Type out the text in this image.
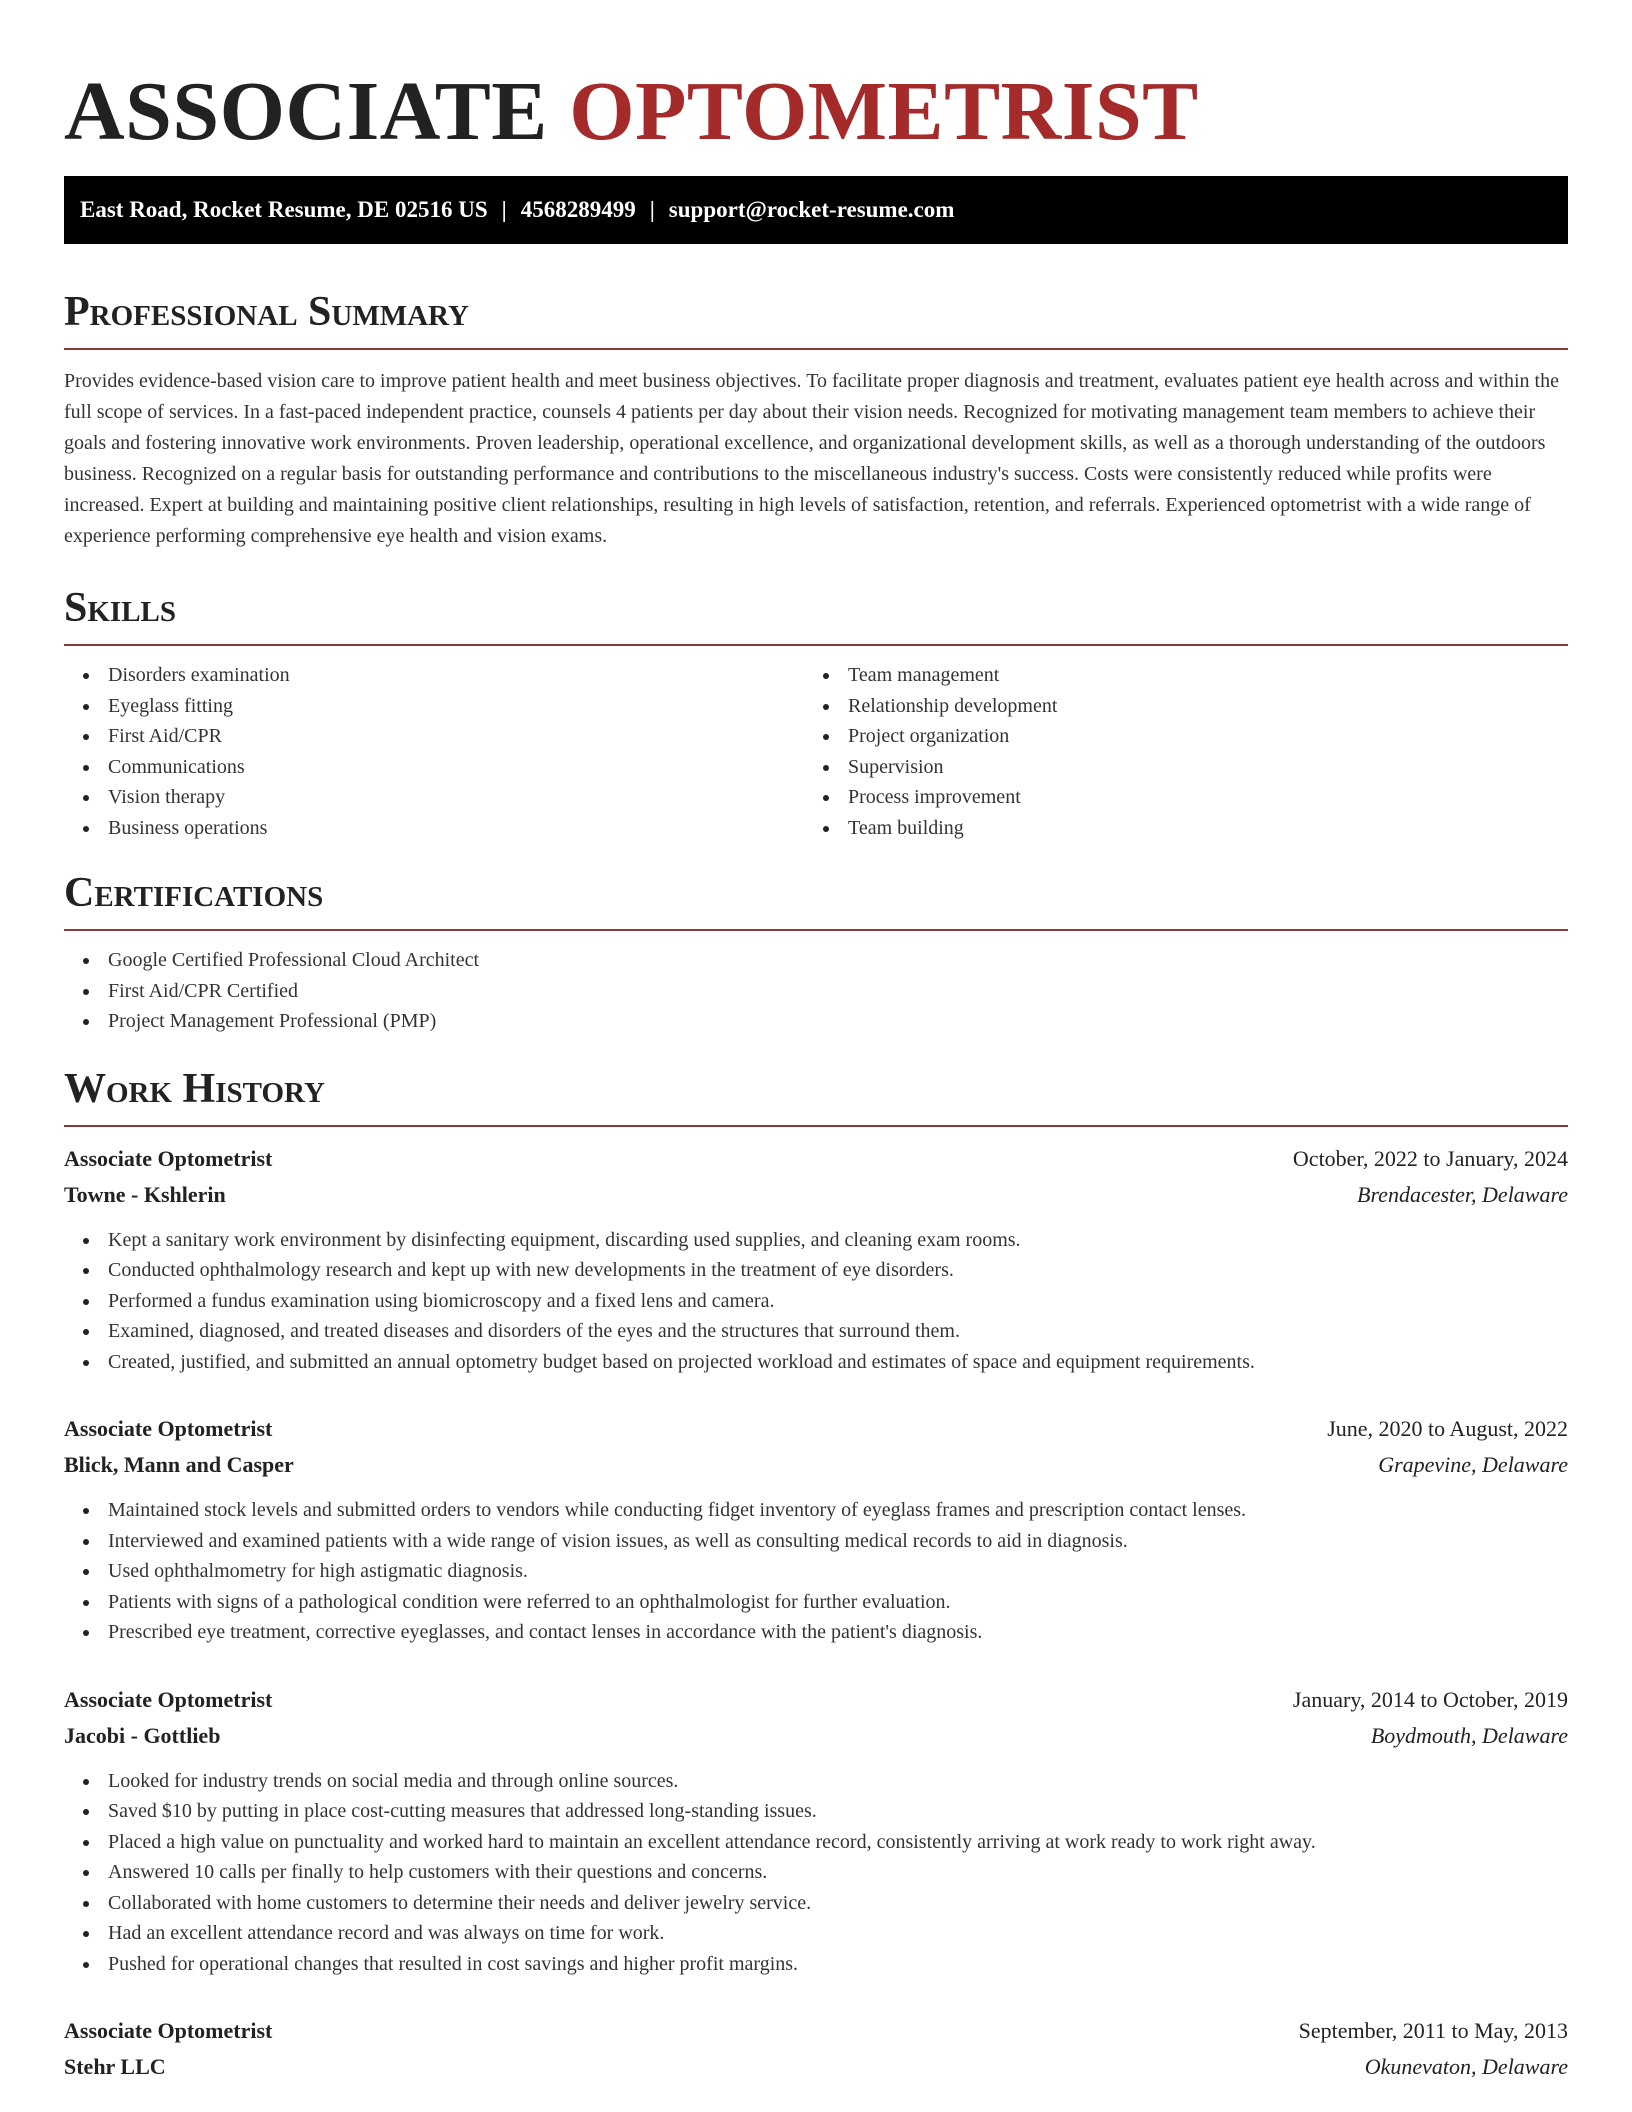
ASSOCIATE OPTOMETRIST
East Road, Rocket Resume, DE 02516 US | 4568289499 | support@rocket-resume.com
Professional Summary

Provides evidence-based vision care to improve patient health and meet business objectives. To facilitate proper diagnosis and treatment, evaluates patient eye health across and within the full scope of services. In a fast-paced independent practice, counsels 4 patients per day about their vision needs. Recognized for motivating management team members to achieve their goals and fostering innovative work environments. Proven leadership, operational excellence, and organizational development skills, as well as a thorough understanding of the outdoors business. Recognized on a regular basis for outstanding performance and contributions to the miscellaneous industry's success. Costs were consistently reduced while profits were increased. Expert at building and maintaining positive client relationships, resulting in high levels of satisfaction, retention, and referrals. Experienced optometrist with a wide range of experience performing comprehensive eye health and vision exams.

Skills
Disorders examination
Eyeglass fitting
First Aid/CPR
Communications
Vision therapy
Business operations
Team management
Relationship development
Project organization
Supervision
Process improvement
Team building
Certifications
Google Certified Professional Cloud Architect
First Aid/CPR Certified
Project Management Professional (PMP)
Work History
Associate Optometrist	October, 2022 to January, 2024
Towne - Kshlerin	Brendacester, Delaware
Kept a sanitary work environment by disinfecting equipment, discarding used supplies, and cleaning exam rooms.
Conducted ophthalmology research and kept up with new developments in the treatment of eye disorders.
Performed a fundus examination using biomicroscopy and a fixed lens and camera.
Examined, diagnosed, and treated diseases and disorders of the eyes and the structures that surround them.
Created, justified, and submitted an annual optometry budget based on projected workload and estimates of space and equipment requirements.
Associate Optometrist	June, 2020 to August, 2022
Blick, Mann and Casper	Grapevine, Delaware
Maintained stock levels and submitted orders to vendors while conducting fidget inventory of eyeglass frames and prescription contact lenses.
Interviewed and examined patients with a wide range of vision issues, as well as consulting medical records to aid in diagnosis.
Used ophthalmometry for high astigmatic diagnosis.
Patients with signs of a pathological condition were referred to an ophthalmologist for further evaluation.
Prescribed eye treatment, corrective eyeglasses, and contact lenses in accordance with the patient's diagnosis.
Associate Optometrist	January, 2014 to October, 2019
Jacobi - Gottlieb	Boydmouth, Delaware
Looked for industry trends on social media and through online sources.
Saved $10 by putting in place cost-cutting measures that addressed long-standing issues.
Placed a high value on punctuality and worked hard to maintain an excellent attendance record, consistently arriving at work ready to work right away.
Answered 10 calls per finally to help customers with their questions and concerns.
Collaborated with home customers to determine their needs and deliver jewelry service.
Had an excellent attendance record and was always on time for work.
Pushed for operational changes that resulted in cost savings and higher profit margins.
Associate Optometrist	September, 2011 to May, 2013
Stehr LLC	Okunevaton, Delaware
